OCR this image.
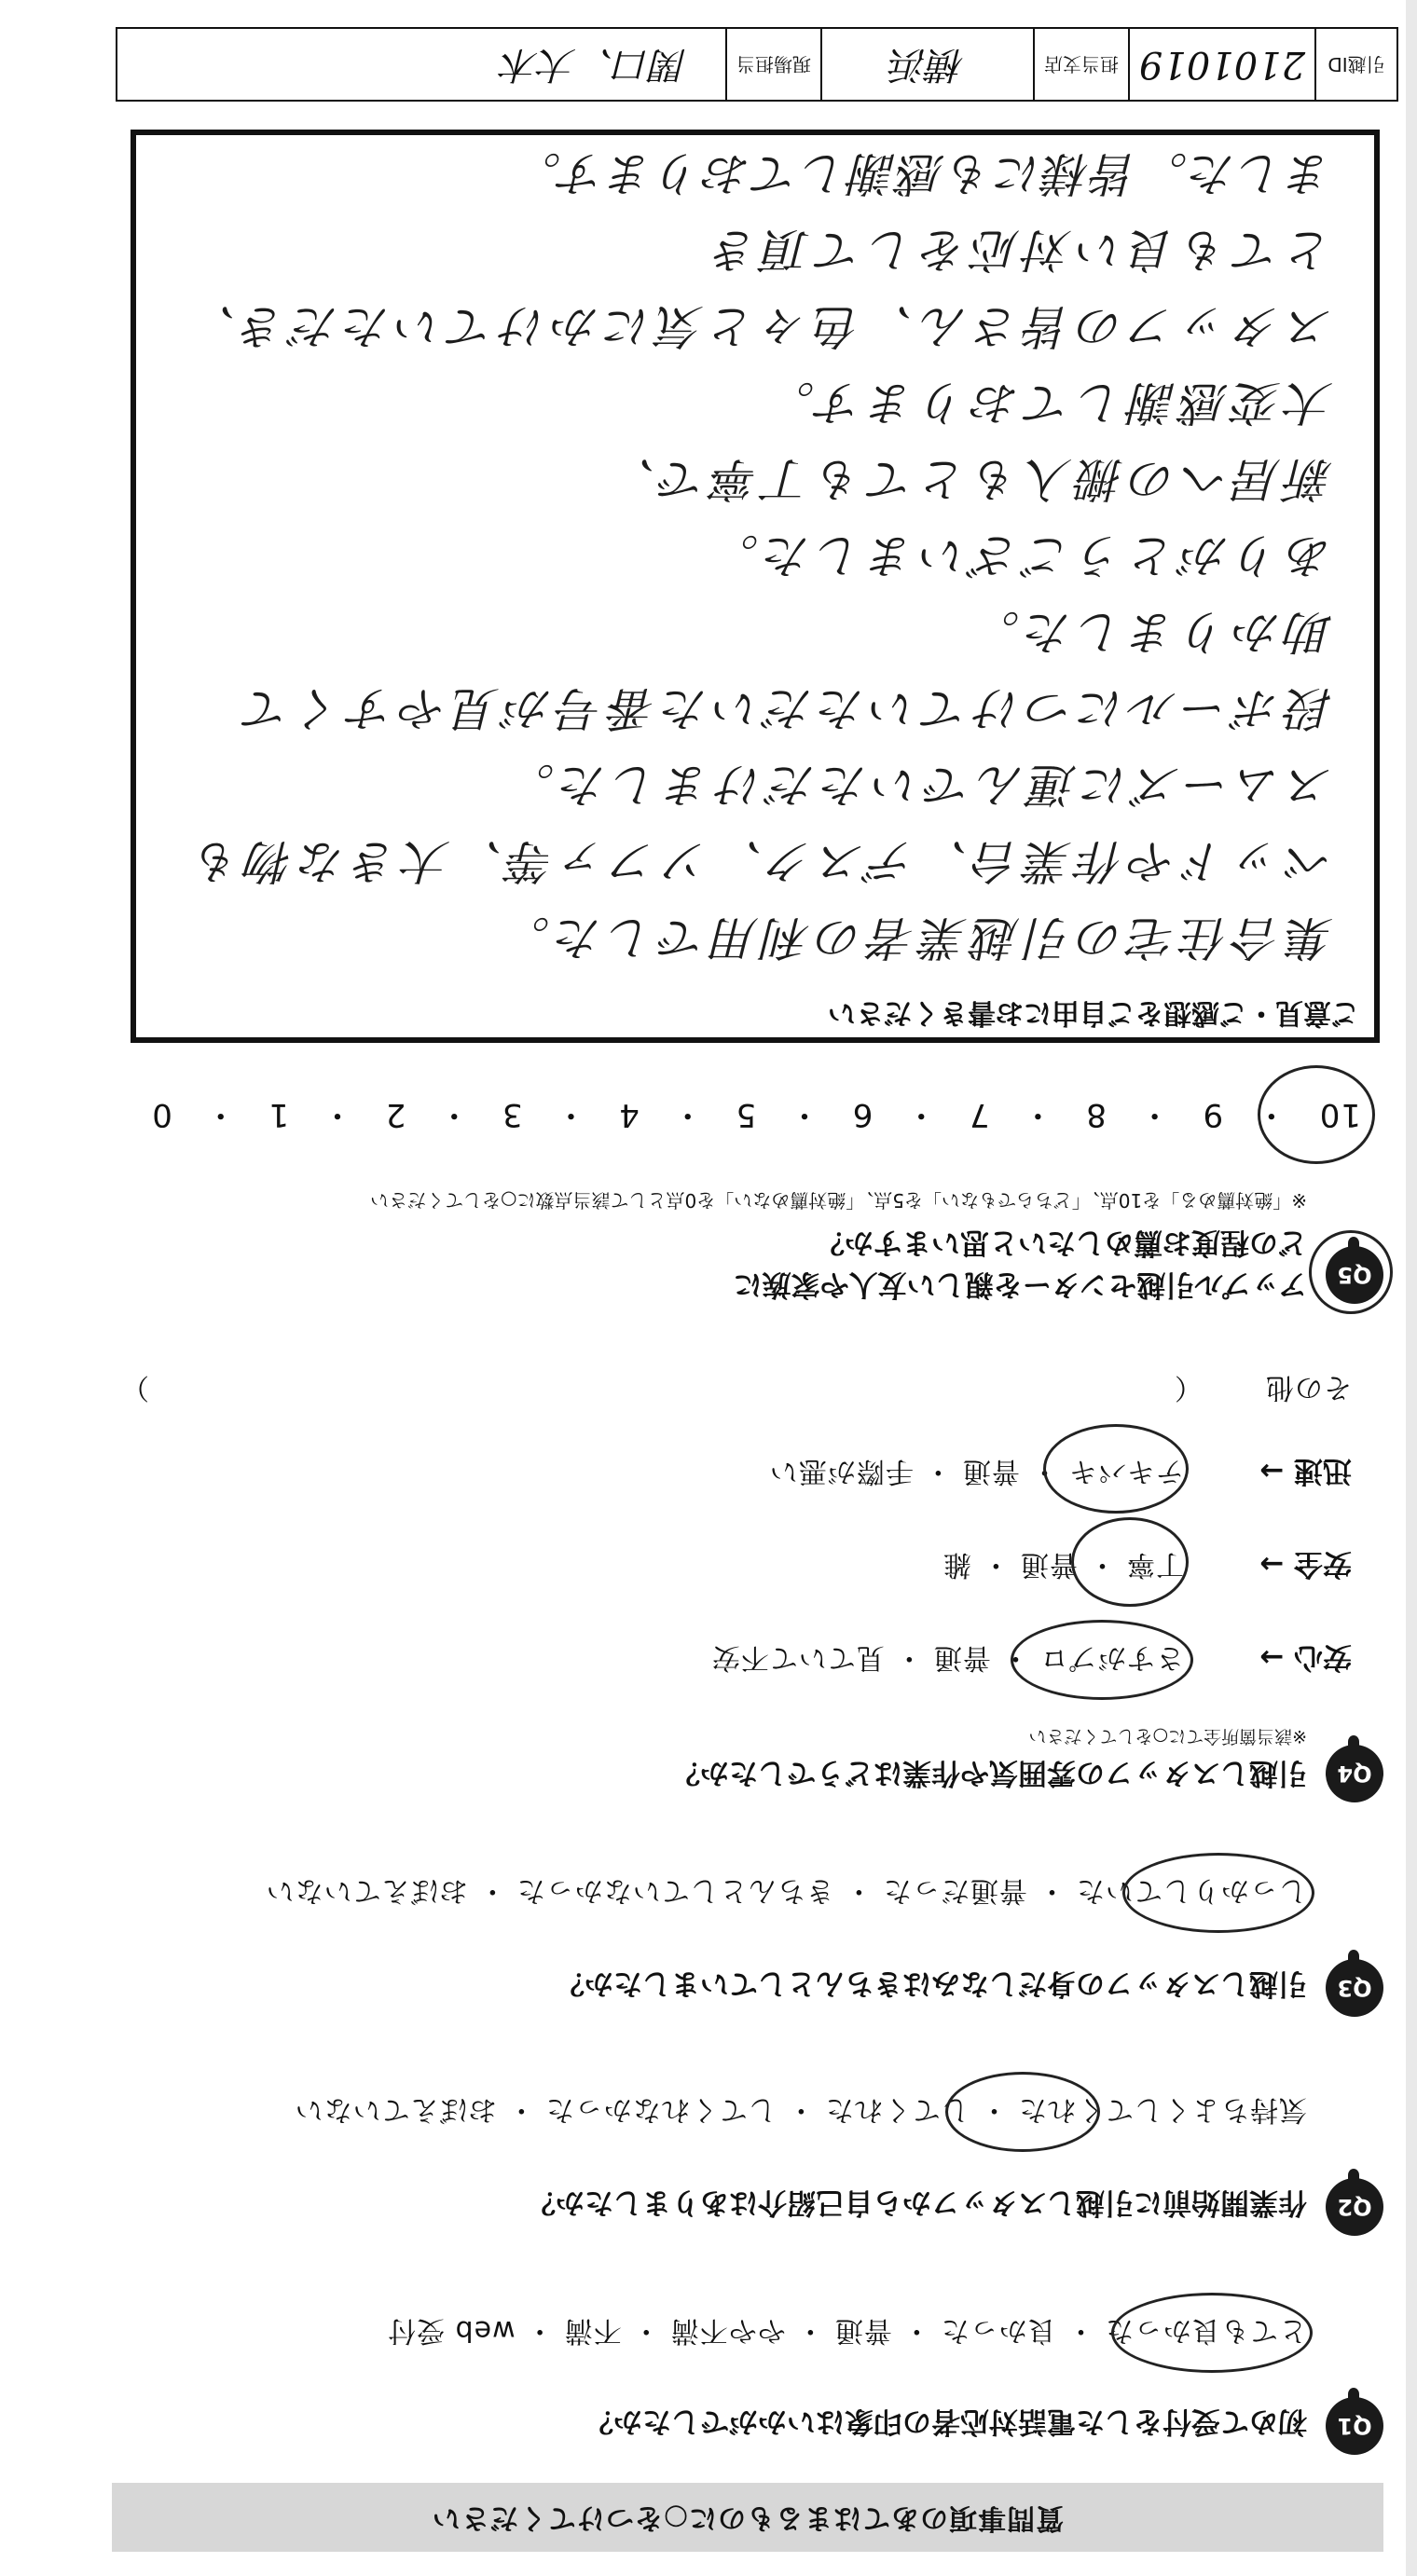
質問事項のあてはまるものに○をつけてください
Q1
初めて受付をした電話対応者の印象はいかがでしたか？
とても良かった ・ 良かった ・ 普通 ・ やや不満 ・ 不満 ・ web 受付
Q2
作業開始前に引越しスタッフから自己紹介はありましたか？
気持ちよくしてくれた ・ してくれた ・ してくれなかった ・ おぼえていない
Q3
引越しスタッフの身だしなみはきちんとしていましたか？
しっかりしていた ・ 普通だった ・ きちんとしていなかった ・ おぼえていない
Q4
引越しスタッフの雰囲気や作業はどうでしたか？
※該当箇所全てに○をしてください
安心 →
さすがプロ ・ 普通 ・ 見ていて不安
安全 →
丁寧 ・ 普通 ・ 雑
迅速 →
テキパキ ・ 普通 ・ 手際が悪い
その他
（
）
Q5
アップル引越センターを親しい友人や家族に
どの程度お薦めしたいと思いますか？
※「絶対薦める」を10点、「どちらでもない」を5点、「絶対薦めない」を0点として該当点数に○をしてください
10 ・ 9 ・ 8 ・ 7 ・ 6 ・ 5 ・ 4 ・ 3 ・ 2 ・ 1 ・ 0
ご意見・ご感想をご自由にお書きください
集合住宅の引越業者の利用でした。
ベッドや作業台、デスク、ソファ等、大きな物も
スムーズに運んでいただけました。
段ボールにつけていただいた番号が見やすくて
助かりました。
ありがとうございました。
新居への搬入もとても丁寧で、
大変感謝しております。
スタッフの皆さん、色々と気にかけていただき、
とても良い対応をして頂き
ました。皆様にも感謝しております。
引越ID
2101019
担当支店
横浜
現場担当
関口、大木
